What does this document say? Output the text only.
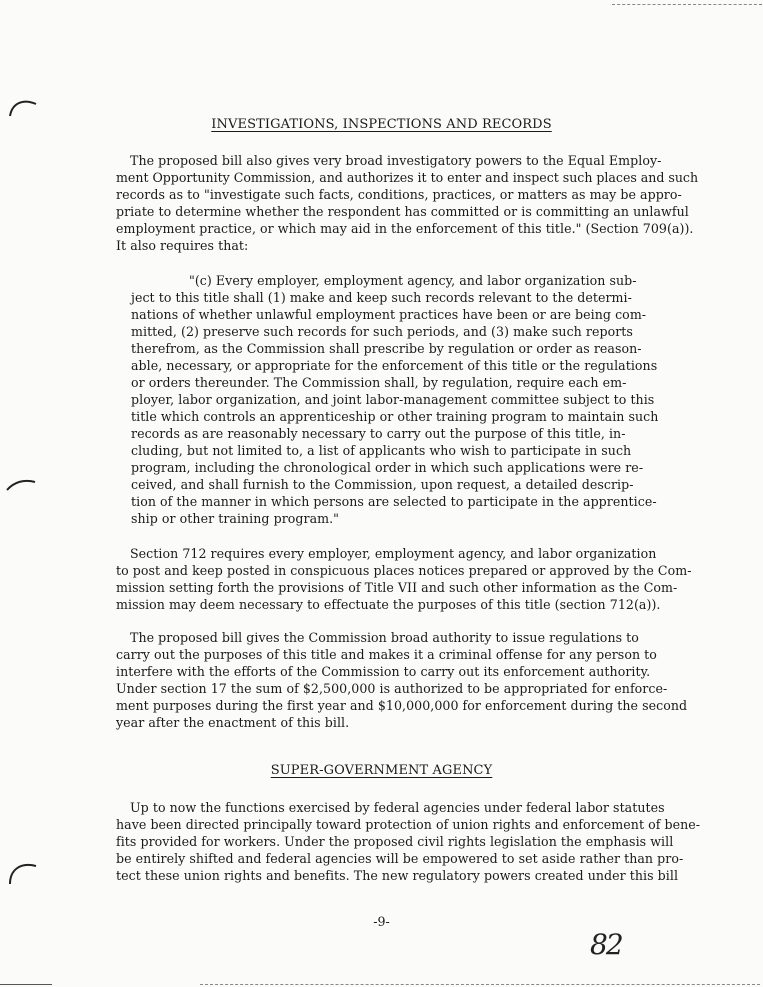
INVESTIGATIONS, INSPECTIONS AND RECORDS
The proposed bill also gives very broad investigatory powers to the Equal Employ-
ment Opportunity Commission, and authorizes it to enter and inspect such places and such
records as to "investigate such facts, conditions, practices, or matters as may be appro-
priate to determine whether the respondent has committed or is committing an unlawful
employment practice, or which may aid in the enforcement of this title." (Section 709(a)).
It also requires that:
"(c) Every employer, employment agency, and labor organization sub-
ject to this title shall (1) make and keep such records relevant to the determi-
nations of whether unlawful employment practices have been or are being com-
mitted, (2) preserve such records for such periods, and (3) make such reports
therefrom, as the Commission shall prescribe by regulation or order as reason-
able, necessary, or appropriate for the enforcement of this title or the regulations
or orders thereunder. The Commission shall, by regulation, require each em-
ployer, labor organization, and joint labor-management committee subject to this
title which controls an apprenticeship or other training program to maintain such
records as are reasonably necessary to carry out the purpose of this title, in-
cluding, but not limited to, a list of applicants who wish to participate in such
program, including the chronological order in which such applications were re-
ceived, and shall furnish to the Commission, upon request, a detailed descrip-
tion of the manner in which persons are selected to participate in the apprentice-
ship or other training program."
Section 712 requires every employer, employment agency, and labor organization
to post and keep posted in conspicuous places notices prepared or approved by the Com-
mission setting forth the provisions of Title VII and such other information as the Com-
mission may deem necessary to effectuate the purposes of this title (section 712(a)).
The proposed bill gives the Commission broad authority to issue regulations to
carry out the purposes of this title and makes it a criminal offense for any person to
interfere with the efforts of the Commission to carry out its enforcement authority.
Under section 17 the sum of $2,500,000 is authorized to be appropriated for enforce-
ment purposes during the first year and $10,000,000 for enforcement during the second
year after the enactment of this bill.
SUPER-GOVERNMENT AGENCY
Up to now the functions exercised by federal agencies under federal labor statutes
have been directed principally toward protection of union rights and enforcement of bene-
fits provided for workers. Under the proposed civil rights legislation the emphasis will
be entirely shifted and federal agencies will be empowered to set aside rather than pro-
tect these union rights and benefits. The new regulatory powers created under this bill
-9-
82
